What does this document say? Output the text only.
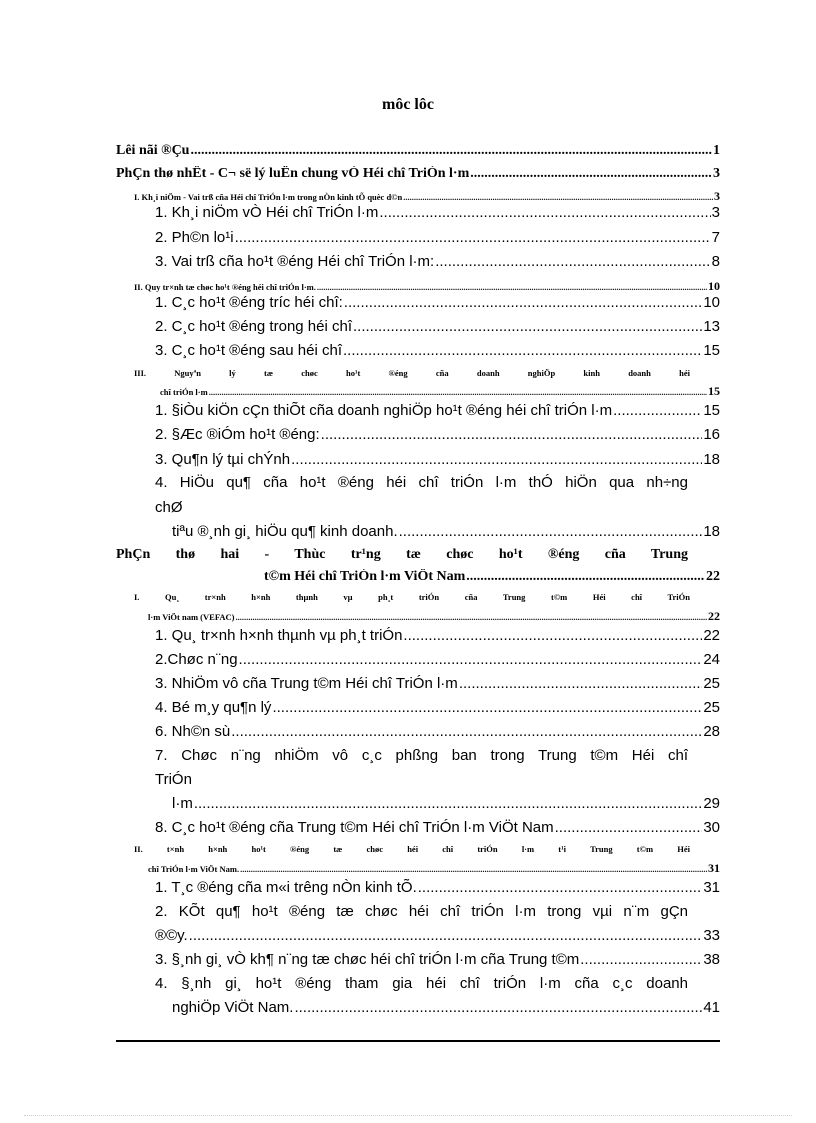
môc lôc
Lêi nãi ®Çu .....	1
PhÇn thø nhÊt - C¬ së lý luËn chung vÒ Héi chî TriÓn l·m .....	3
I. Kh¸i niÖm - Vai trß cña Héi chî TriÓn l·m trong nÒn kinh tÕ quèc d©n .....	3
1. Kh¸i niÖm vÒ Héi chî TriÓn l·m .....	3
2. Ph©n lo¹i .....	7
3. Vai trß cña ho¹t ®éng Héi chî TriÓn l·m: .....	8
II. Quy tr×nh tæ chøc ho¹t ®éng héi chî triÓn l·m. .....	10
1. C¸c ho¹t ®éng tríc héi chî: .....	10
2. C¸c ho¹t ®éng trong héi chî .....	13
3. C¸c ho¹t ®éng sau héi chî .....	15
III. Nguyªn lý tæ chøc ho¹t ®éng cña doanh nghiÖp kinh doanh héi
chî triÓn l·m .....	15
1. §iÒu kiÖn cÇn thiÕt cña doanh nghiÖp ho¹t ®éng héi chî triÓn l·m .....	15
2. §Æc ®iÓm ho¹t ®éng: .....	16
3. Qu¶n lý tµi chÝnh .....	18
4. HiÖu qu¶ cña ho¹t ®éng héi chî triÓn l·m thÓ hiÖn qua nh÷ng
chØ
tiªu ®¸nh gi¸ hiÖu qu¶ kinh doanh. .....	18
PhÇn thø hai - Thùc tr¹ng tæ chøc ho¹t ®éng cña Trung
t©m Héi chî TriÓn l·m ViÖt Nam .....	22
I. Qu¸ tr×nh h×nh thµnh vµ ph¸t triÓn cña Trung t©m Héi chî TriÓn
l·m ViÖt nam (VEFAC) .....	22
1. Qu¸ tr×nh h×nh thµnh vµ ph¸t triÓn .....	22
2.Chøc n¨ng .....	24
3. NhiÖm vô cña Trung t©m Héi chî TriÓn l·m .....	25
4. Bé m¸y qu¶n lý .....	25
6. Nh©n sù .....	28
7. Chøc n¨ng nhiÖm vô c¸c phßng ban trong Trung t©m Héi chî
TriÓn
l·m .....	29
8. C¸c ho¹t ®éng cña Trung t©m Héi chî TriÓn l·m ViÖt Nam .....	30
II. t×nh h×nh ho¹t ®éng tæ chøc héi chî triÓn l·m t¹i Trung t©m Héi
chî TriÓn l·m ViÖt Nam. .....	31
1. T¸c ®éng cña m«i trêng nÒn kinh tÕ. .....	31
2. KÕt qu¶ ho¹t ®éng tæ chøc héi chî triÓn l·m trong vµi n¨m gÇn
®©y. .....	33
3. §¸nh gi¸ vÒ kh¶ n¨ng tæ chøc héi chî triÓn l·m cña Trung t©m .....	38
4. §¸nh gi¸ ho¹t ®éng tham gia héi chî triÓn l·m cña c¸c doanh
nghiÖp ViÖt Nam. .....	41
